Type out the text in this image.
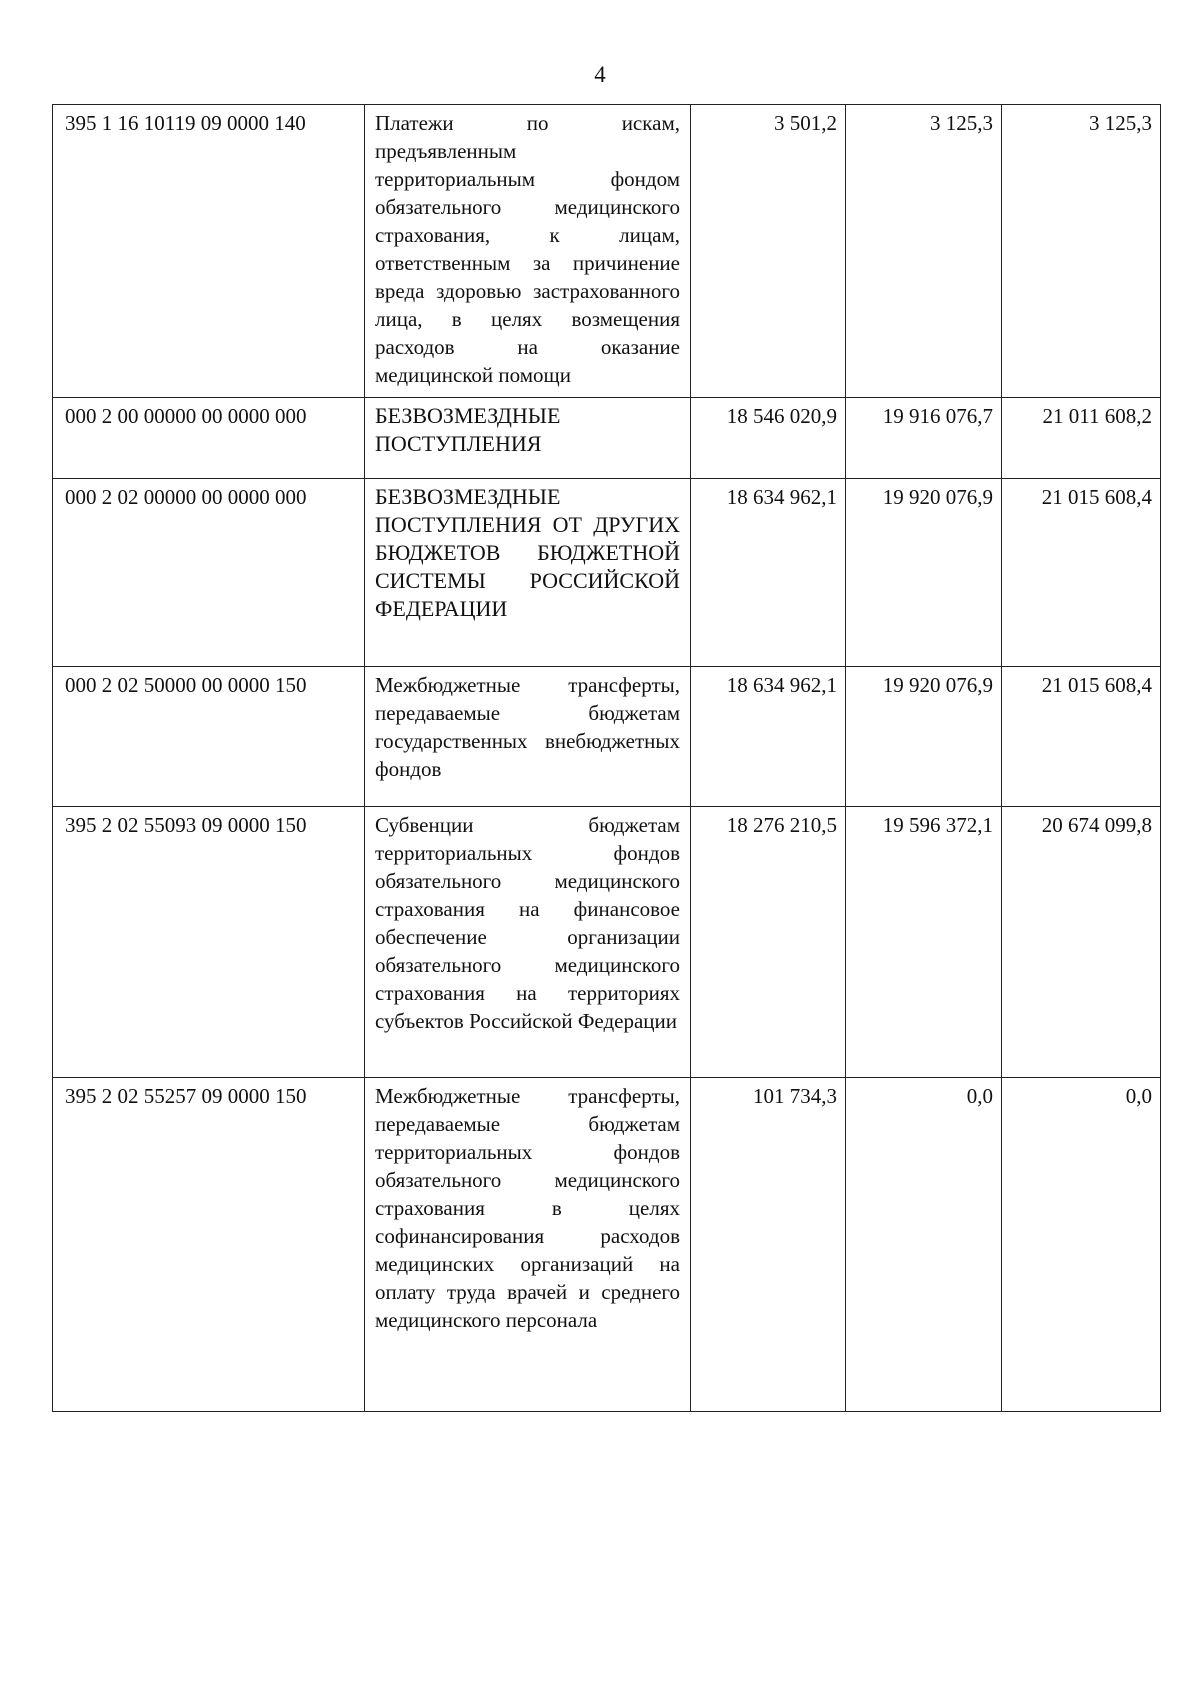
4
395 1 16 10119 09 0000 140	Платежи по искам, предъявленным территориальным фондом обязательного медицинского страхования, к лицам, ответственным за причинение вреда здоровью застрахованного лица, в целях возмещения расходов на оказание медицинской помощи	3 501,2	3 125,3	3 125,3
000 2 00 00000 00 0000 000	БЕЗВОЗМЕЗДНЫЕ ПОСТУПЛЕНИЯ	18 546 020,9	19 916 076,7	21 011 608,2
000 2 02 00000 00 0000 000	БЕЗВОЗМЕЗДНЫЕ ПОСТУПЛЕНИЯ ОТ ДРУГИХ БЮДЖЕТОВ БЮДЖЕТНОЙ СИСТЕМЫ РОССИЙСКОЙ ФЕДЕРАЦИИ	18 634 962,1	19 920 076,9	21 015 608,4
000 2 02 50000 00 0000 150	Межбюджетные трансферты, передаваемые бюджетам государственных внебюджетных фондов	18 634 962,1	19 920 076,9	21 015 608,4
395 2 02 55093 09 0000 150	Субвенции бюджетам территориальных фондов обязательного медицинского страхования на финансовое обеспечение организации обязательного медицинского страхования на территориях субъектов Российской Федерации	18 276 210,5	19 596 372,1	20 674 099,8
395 2 02 55257 09 0000 150	Межбюджетные трансферты, передаваемые бюджетам территориальных фондов обязательного медицинского страхования в целях софинансирования расходов медицинских организаций на оплату труда врачей и среднего медицинского персонала	101 734,3	0,0	0,0
